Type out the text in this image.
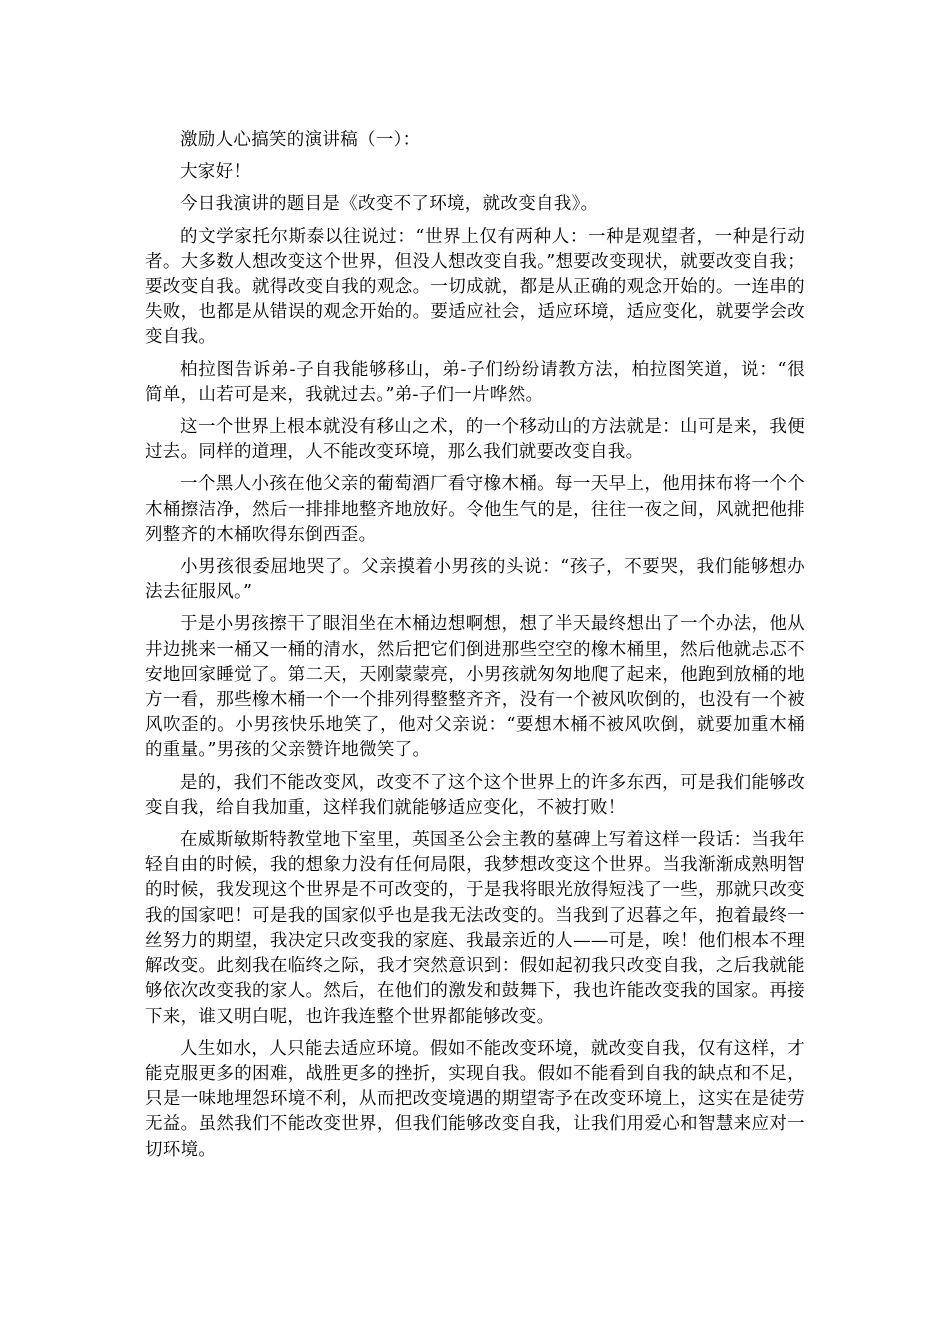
激励人心搞笑的演讲稿（一）：

大家好！

今日我演讲的题目是《改变不了环境，就改变自我》。

的文学家托尔斯泰以往说过：“世界上仅有两种人：一种是观望者，一种是行动者。大多数人想改变这个世界，但没人想改变自我。”想要改变现状，就要改变自我；要改变自我。就得改变自我的观念。一切成就，都是从正确的观念开始的。一连串的失败，也都是从错误的观念开始的。要适应社会，适应环境，适应变化，就要学会改变自我。

柏拉图告诉弟-子自我能够移山，弟-子们纷纷请教方法，柏拉图笑道，说：“很简单，山若可是来，我就过去。”弟-子们一片哗然。

这一个世界上根本就没有移山之术，的一个移动山的方法就是：山可是来，我便过去。同样的道理，人不能改变环境，那么我们就要改变自我。

一个黑人小孩在他父亲的葡萄酒厂看守橡木桶。每一天早上，他用抹布将一个个木桶擦洁净，然后一排排地整齐地放好。令他生气的是，往往一夜之间，风就把他排列整齐的木桶吹得东倒西歪。

小男孩很委屈地哭了。父亲摸着小男孩的头说：“孩子，不要哭，我们能够想办法去征服风。”

于是小男孩擦干了眼泪坐在木桶边想啊想，想了半天最终想出了一个办法，他从井边挑来一桶又一桶的清水，然后把它们倒进那些空空的橡木桶里，然后他就忐忑不安地回家睡觉了。第二天，天刚蒙蒙亮，小男孩就匆匆地爬了起来，他跑到放桶的地方一看，那些橡木桶一个一个排列得整整齐齐，没有一个被风吹倒的，也没有一个被风吹歪的。小男孩快乐地笑了，他对父亲说：“要想木桶不被风吹倒，就要加重木桶的重量。”男孩的父亲赞许地微笑了。

是的，我们不能改变风，改变不了这个这个世界上的许多东西，可是我们能够改变自我，给自我加重，这样我们就能够适应变化，不被打败！

在威斯敏斯特教堂地下室里，英国圣公会主教的墓碑上写着这样一段话：当我年轻自由的时候，我的想象力没有任何局限，我梦想改变这个世界。当我渐渐成熟明智的时候，我发现这个世界是不可改变的，于是我将眼光放得短浅了一些，那就只改变我的国家吧！可是我的国家似乎也是我无法改变的。当我到了迟暮之年，抱着最终一丝努力的期望，我决定只改变我的家庭、我最亲近的人——可是，唉！他们根本不理解改变。此刻我在临终之际，我才突然意识到：假如起初我只改变自我，之后我就能够依次改变我的家人。然后，在他们的激发和鼓舞下，我也许能改变我的国家。再接下来，谁又明白呢，也许我连整个世界都能够改变。

人生如水，人只能去适应环境。假如不能改变环境，就改变自我，仅有这样，才能克服更多的困难，战胜更多的挫折，实现自我。假如不能看到自我的缺点和不足，只是一味地埋怨环境不利，从而把改变境遇的期望寄予在改变环境上，这实在是徒劳无益。虽然我们不能改变世界，但我们能够改变自我，让我们用爱心和智慧来应对一切环境。
